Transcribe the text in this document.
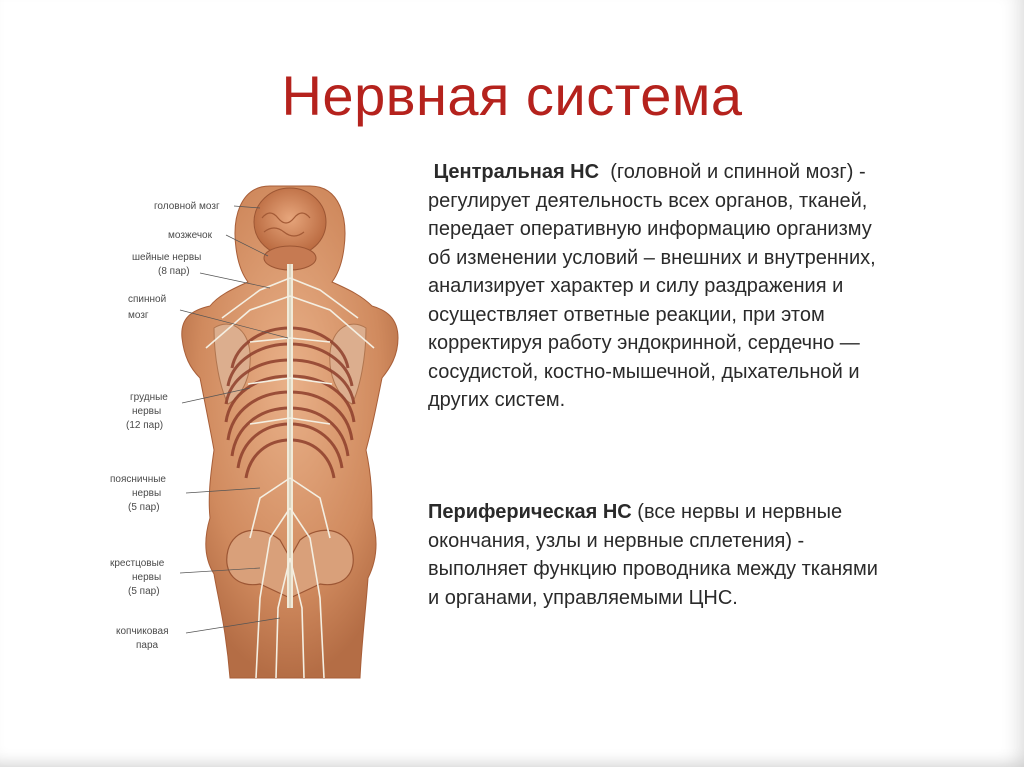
Нервная система
головной мозг
мозжечок
шейные нервы
(8 пар)
спинной
мозг
грудные
нервы
(12 пар)
поясничные
нервы
(5 пар)
крестцовые
нервы
(5 пар)
копчиковая
пара

Центральная НС (головной и спинной мозг) -

регулирует деятельность всех органов, тканей,

передает оперативную информацию организму

об изменении условий – внешних и внутренних,

анализирует характер и силу раздражения и

осуществляет ответные реакции, при этом

корректируя работу эндокринной, сердечно —

сосудистой, костно-мышечной, дыхательной и

других систем.

Периферическая НС (все нервы и нервные

окончания, узлы и нервные сплетения) -

выполняет функцию проводника между тканями

и органами, управляемыми ЦНС.
